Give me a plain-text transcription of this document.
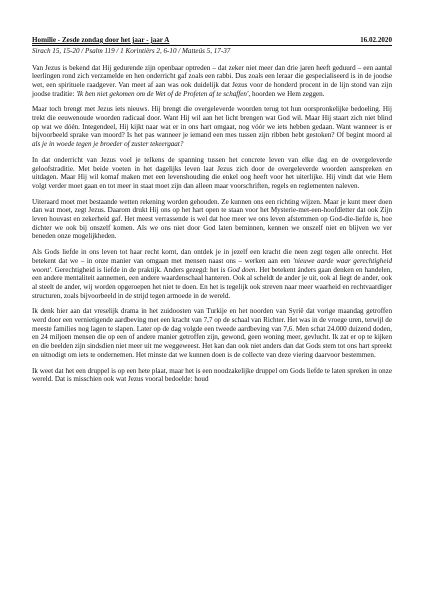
Homilie - Zesde zondag door het jaar - jaar A	16.02.2020
Sirach 15, 15-20 / Psalm 119 / 1 Korintiërs 2, 6-10 / Matteüs 5, 17-37

Van Jezus is bekend dat Hij gedurende zijn openbaar optreden – dat zeker niet meer dan drie jaren heeft geduurd – een aantal leerlingen rond zich verzamelde en hen onderricht gaf zoals een rabbi. Dus zoals een leraar die gespecialiseerd is in de joodse wet, een spirituele raadgever. Van meet af aan was ook duidelijk dat Jezus voor de honderd procent in de lijn stond van zijn joodse traditie: 'Ik ben niet gekomen om de Wet of de Profeten af te schaffen', hoorden we Hem zeggen.

Maar toch brengt met Jezus iets nieuws. Hij brengt die overgeleverde woorden terug tot hun oorspronkelijke bedoeling. Hij trekt die eeuwenoude woorden radicaal door. Want Hij wil aan het licht brengen wat God wil. Maar Hij staart zich niet blind op wat we dóén. Integendeel, Hij kijkt naar wat er in ons hart omgaat, nog vóór we iets hebben gedaan. Want wanneer is er bijvoorbeeld sprake van moord? Is het pas wanneer je iemand een mes tussen zijn ribben hebt gestoken? Of begint moord al als je in woede tegen je broeder of zuster tekeergaat?

In dat onderricht van Jezus voel je telkens de spanning tussen het concrete leven van elke dag en de overgeleverde geloofstraditie. Met beide voeten in het dagelijks leven laat Jezus zich door de overgeleverde woorden aanspreken en uitdagen. Maar Hij wil komaf maken met een levenshouding die enkel oog heeft voor het uiterlijke. Hij vindt dat wie Hem volgt verder moet gaan en tot meer in staat moet zijn dan alleen maar voorschriften, regels en reglementen naleven.

Uiteraard moet met bestaande wetten rekening worden gehouden. Ze kunnen ons een richting wijzen. Maar je kunt meer doen dan wat moet, zegt Jezus. Daarom drukt Hij ons op het hart open te staan voor het Mysterie-met-een-hoofdletter dat ook Zijn leven houvast en zekerheid gaf. Het meest verrassende is wel dat hoe meer we ons leven afstemmen op God-die-liefde is, hoe dichter we ook bij onszelf komen. Als we ons niet door God laten beminnen, kennen we onszelf niet en blijven we ver beneden onze mogelijkheden.

Als Gods liefde in ons leven tot haar recht komt, dan ontdek je in jezelf een kracht die neen zegt tegen alle onrecht. Het betekent dat we – in onze manier van omgaan met mensen naast ons – werken aan een 'nieuwe aarde waar gerechtigheid woont'. Gerechtigheid is liefde in de praktijk. Anders gezegd: het is God doen. Het betekent ánders gaan denken en handelen, een andere mentaliteit aannemen, een andere waardenschaal hanteren. Ook al scheldt de ander je uit, ook al liegt de ander, ook al steelt de ander, wij worden opgeroepen het niet te doen. En het is tegelijk ook streven naar meer waarheid en rechtvaardiger structuren, zoals bijvoorbeeld in de strijd tegen armoede in de wereld.

Ik denk hier aan dat vreselijk drama in het zuidoosten van Turkije en het noorden van Syrië dat vorige maandag getroffen werd door een vernietigende aardbeving met een kracht van 7,7 op de schaal van Richter. Het was in de vroege uren, terwijl de meeste families nog lagen te slapen. Later op de dag volgde een tweede aardbeving van 7,6. Men schat 24.000 duizend doden, en 24 miljoen mensen die op een of andere manier getroffen zijn, gewond, geen woning meer, gevlucht. Ik zat er op te kijken en die beelden zijn sindsdien niet meer uit me weggeweest. Het kan dan ook niet anders dan dat Gods stem tot ons hart spreekt en uitnodigt om iets te ondernemen. Het minste dat we kunnen doen is de collecte van deze viering daarvoor bestemmen.

Ik weet dat het een druppel is op een hete plaat, maar het is een noodzakelijke druppel om Gods liefde te laten spreken in onze wereld. Dat is misschien ook wat Jezus vooral bedoelde: houd
